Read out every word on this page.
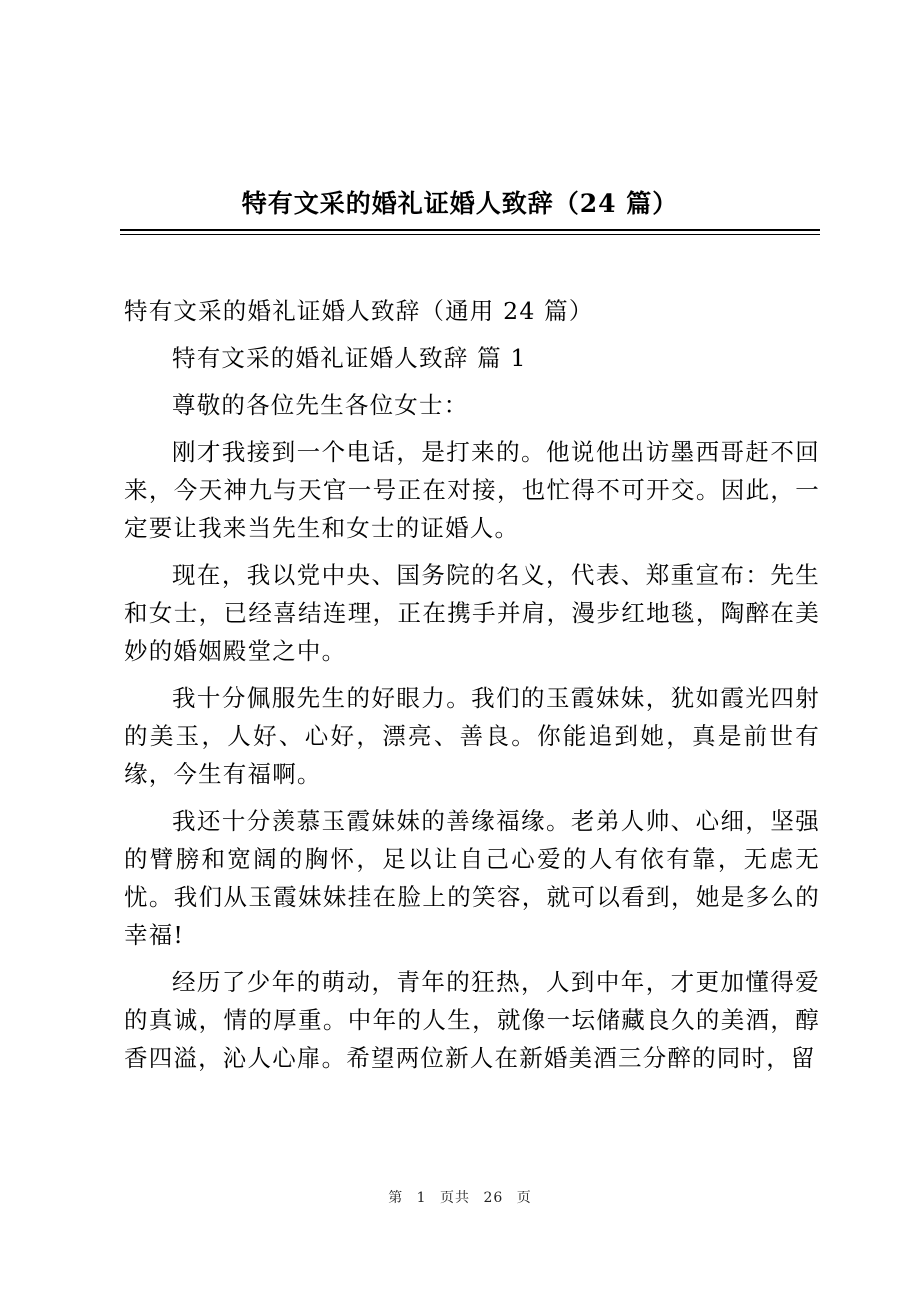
特有文采的婚礼证婚人致辞（24 篇）

特有文采的婚礼证婚人致辞（通用 24 篇）

特有文采的婚礼证婚人致辞 篇 1

尊敬的各位先生各位女士：

刚才我接到一个电话，是打来的。他说他出访墨西哥赶不回来，今天神九与天官一号正在对接，也忙得不可开交。因此，一定要让我来当先生和女士的证婚人。

现在，我以党中央、国务院的名义，代表、郑重宣布：先生和女士，已经喜结连理，正在携手并肩，漫步红地毯，陶醉在美妙的婚姻殿堂之中。

我十分佩服先生的好眼力。我们的玉霞妹妹，犹如霞光四射的美玉，人好、心好，漂亮、善良。你能追到她，真是前世有缘，今生有福啊。

我还十分羡慕玉霞妹妹的善缘福缘。老弟人帅、心细，坚强的臂膀和宽阔的胸怀，足以让自己心爱的人有依有靠，无虑无忧。我们从玉霞妹妹挂在脸上的笑容，就可以看到，她是多么的幸福!

经历了少年的萌动，青年的狂热，人到中年，才更加懂得爱的真诚，情的厚重。中年的人生，就像一坛储藏良久的美酒，醇香四溢，沁人心扉。希望两位新人在新婚美酒三分醉的同时，留

第 1 页共 26 页
